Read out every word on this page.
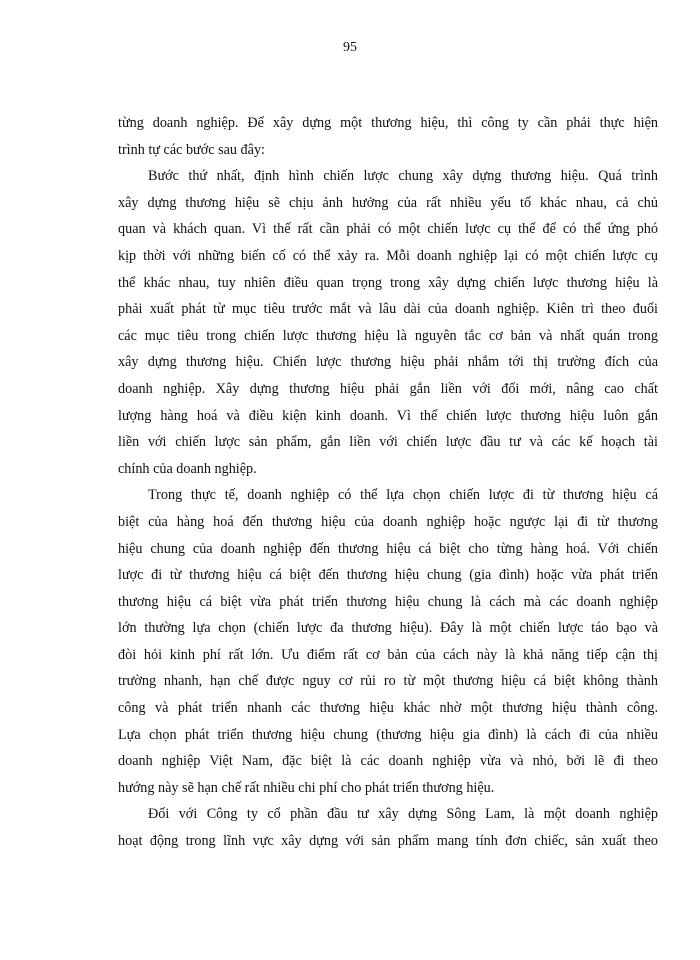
95
từng doanh nghiệp. Để xây dựng một thương hiệu, thì công ty cần phải thực hiện
trình tự các bước sau đây:
Bước thứ nhất, định hình chiến lược chung xây dựng thương hiệu. Quá trình
xây dựng thương hiệu sẽ chịu ảnh hưởng của rất nhiều yếu tố khác nhau, cả chủ
quan và khách quan. Vì thế rất cần phải có một chiến lược cụ thể để có thể ứng phó
kịp thời với những biến cố có thể xảy ra. Mỗi doanh nghiệp lại có một chiến lược cụ
thể khác nhau, tuy nhiên điều quan trọng trong xây dựng chiến lược thương hiệu là
phải xuất phát từ mục tiêu trước mắt và lâu dài của doanh nghiệp. Kiên trì theo đuổi
các mục tiêu trong chiến lược thương hiệu là nguyên tắc cơ bản và nhất quán trong
xây dựng thương hiệu. Chiến lược thương hiệu phải nhắm tới thị trường đích của
doanh nghiệp. Xây dựng thương hiệu phải gắn liền với đổi mới, nâng cao chất
lượng hàng hoá và điều kiện kinh doanh. Vì thế chiến lược thương hiệu luôn gắn
liền với chiến lược sản phẩm, gắn liền với chiến lược đầu tư và các kế hoạch tài
chính của doanh nghiệp.
Trong thực tế, doanh nghiệp có thể lựa chọn chiến lược đi từ thương hiệu cá
biệt của hàng hoá đến thương hiệu của doanh nghiệp hoặc ngược lại đi từ thương
hiệu chung của doanh nghiệp đến thương hiệu cá biệt cho từng hàng hoá. Với chiến
lược đi từ thương hiệu cá biệt đến thương hiệu chung (gia đình) hoặc vừa phát triển
thương hiệu cá biệt vừa phát triển thương hiệu chung là cách mà các doanh nghiệp
lớn thường lựa chọn (chiến lược đa thương hiệu). Đây là một chiến lược táo bạo và
đòi hỏi kinh phí rất lớn. Ưu điểm rất cơ bản của cách này là khả năng tiếp cận thị
trường nhanh, hạn chế được nguy cơ rủi ro từ một thương hiệu cá biệt không thành
công và phát triển nhanh các thương hiệu khác nhờ một thương hiệu thành công.
Lựa chọn phát triển thương hiệu chung (thương hiệu gia đình) là cách đi của nhiều
doanh nghiệp Việt Nam, đặc biệt là các doanh nghiệp vừa và nhỏ, bởi lẽ đi theo
hướng này sẽ hạn chế rất nhiều chi phí cho phát triển thương hiệu.
Đối với Công ty cổ phần đầu tư xây dựng Sông Lam, là một doanh nghiệp
hoạt động trong lĩnh vực xây dựng với sản phẩm mang tính đơn chiếc, sản xuất theo
